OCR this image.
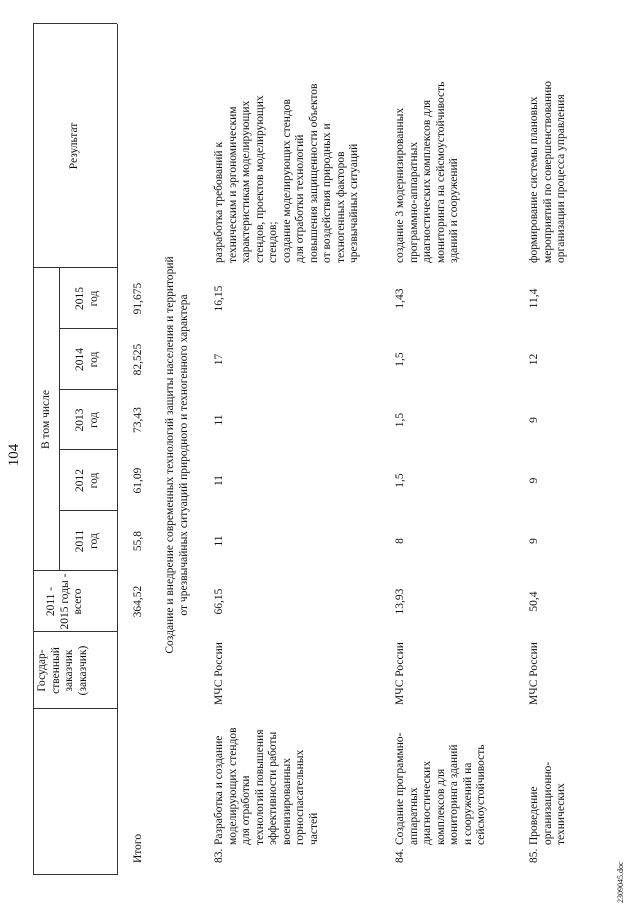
104
Государ- ственный заказчик (заказчик)
2011 - 2015 годы - всего
В том числе
2011 год
2012 год
2013 год
2014 год
2015 год
Результат
Итого
364,52
55,8
61,09
73,43
82,525
91,675 Создание и внедрение современных технологий защиты населения и территорий от чрезвычайных ситуаций природного и техногенного характера
83.
Разработка и создание моделирующих стендов для отработки технологий повышения эффективности работы военизированных горноспасательных частей
МЧС России
66,15
11
11
11
17
16,15
разработка требований к техническим и эргономическим характеристикам моделирующих стендов, проектов моделирующих стендов; создание моделирующих стендов для отработки технологий повышения защищенности объектов от воздействия природных и техногенных факторов чрезвычайных ситуаций
84.
Создание программно- аппаратных диагностических комплексов для мониторинга зданий и сооружений на сейсмоустойчивость
МЧС России
13,93
8
1,5
1,5
1,5
1,43
создание 3 модернизированных программно-аппаратных диагностических комплексов для мониторинга на сейсмоустойчивость зданий и сооружений
85.
Проведение организационно- технических
МЧС России
50,4
9
9
9
12
11,4
формирование системы плановых мероприятий по совершенствованию организации процесса управления
2309045.doc
